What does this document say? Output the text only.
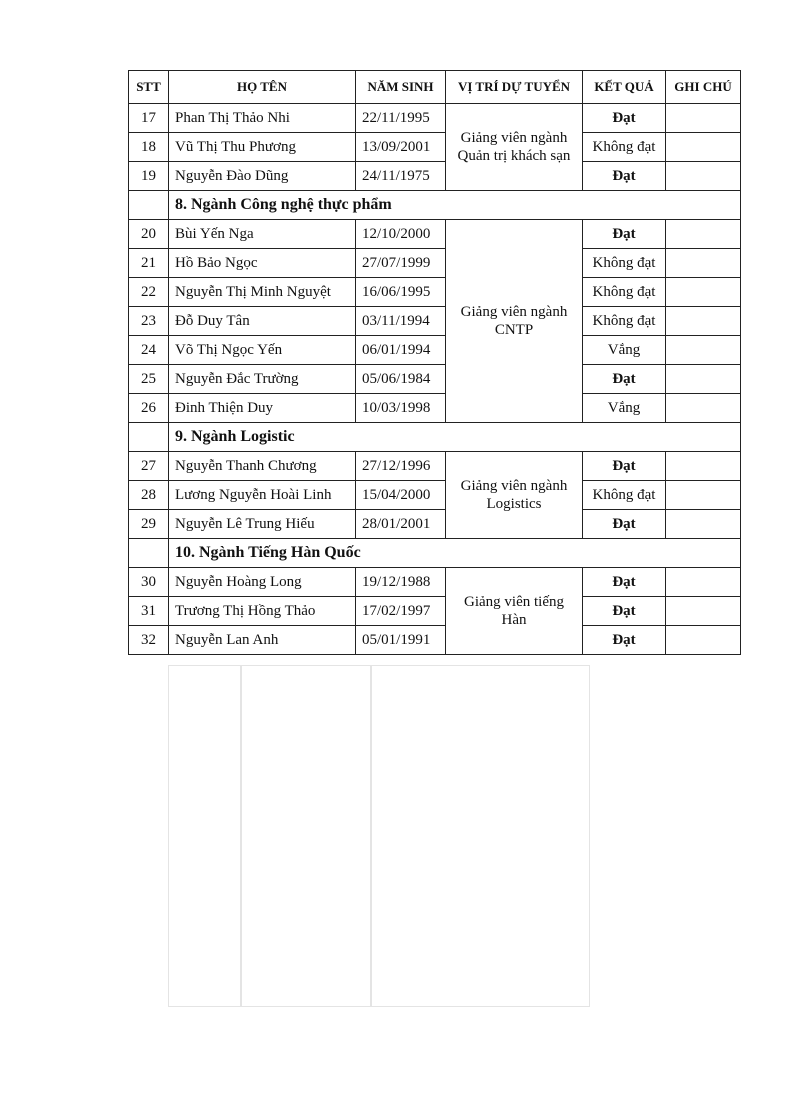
STT	HỌ TÊN	NĂM SINH	VỊ TRÍ DỰ TUYỂN	KẾT QUẢ	GHI CHÚ
17	Phan Thị Thảo Nhi	22/11/1995	Giảng viên ngành Quản trị khách sạn	Đạt	
18	Vũ Thị Thu Phương	13/09/2001		Không đạt	
19	Nguyễn Đào Dũng	24/11/1975		Đạt	
	8. Ngành Công nghệ thực phẩm				
20	Bùi Yến Nga	12/10/2000	Giảng viên ngành CNTP	Đạt	
21	Hồ Bảo Ngọc	27/07/1999		Không đạt	
22	Nguyễn Thị Minh Nguyệt	16/06/1995		Không đạt	
23	Đỗ Duy Tân	03/11/1994		Không đạt	
24	Võ Thị Ngọc Yến	06/01/1994		Vắng	
25	Nguyễn Đắc Trường	05/06/1984		Đạt	
26	Đinh Thiện Duy	10/03/1998		Vắng	
	9. Ngành Logistic				
27	Nguyễn Thanh Chương	27/12/1996	Giảng viên ngành Logistics	Đạt	
28	Lương Nguyễn Hoài Linh	15/04/2000		Không đạt	
29	Nguyễn Lê Trung Hiếu	28/01/2001		Đạt	
	10. Ngành Tiếng Hàn Quốc				
30	Nguyễn Hoàng Long	19/12/1988	Giảng viên tiếng Hàn	Đạt	
31	Trương Thị Hồng Thảo	17/02/1997		Đạt	
32	Nguyễn Lan Anh	05/01/1991		Đạt	
